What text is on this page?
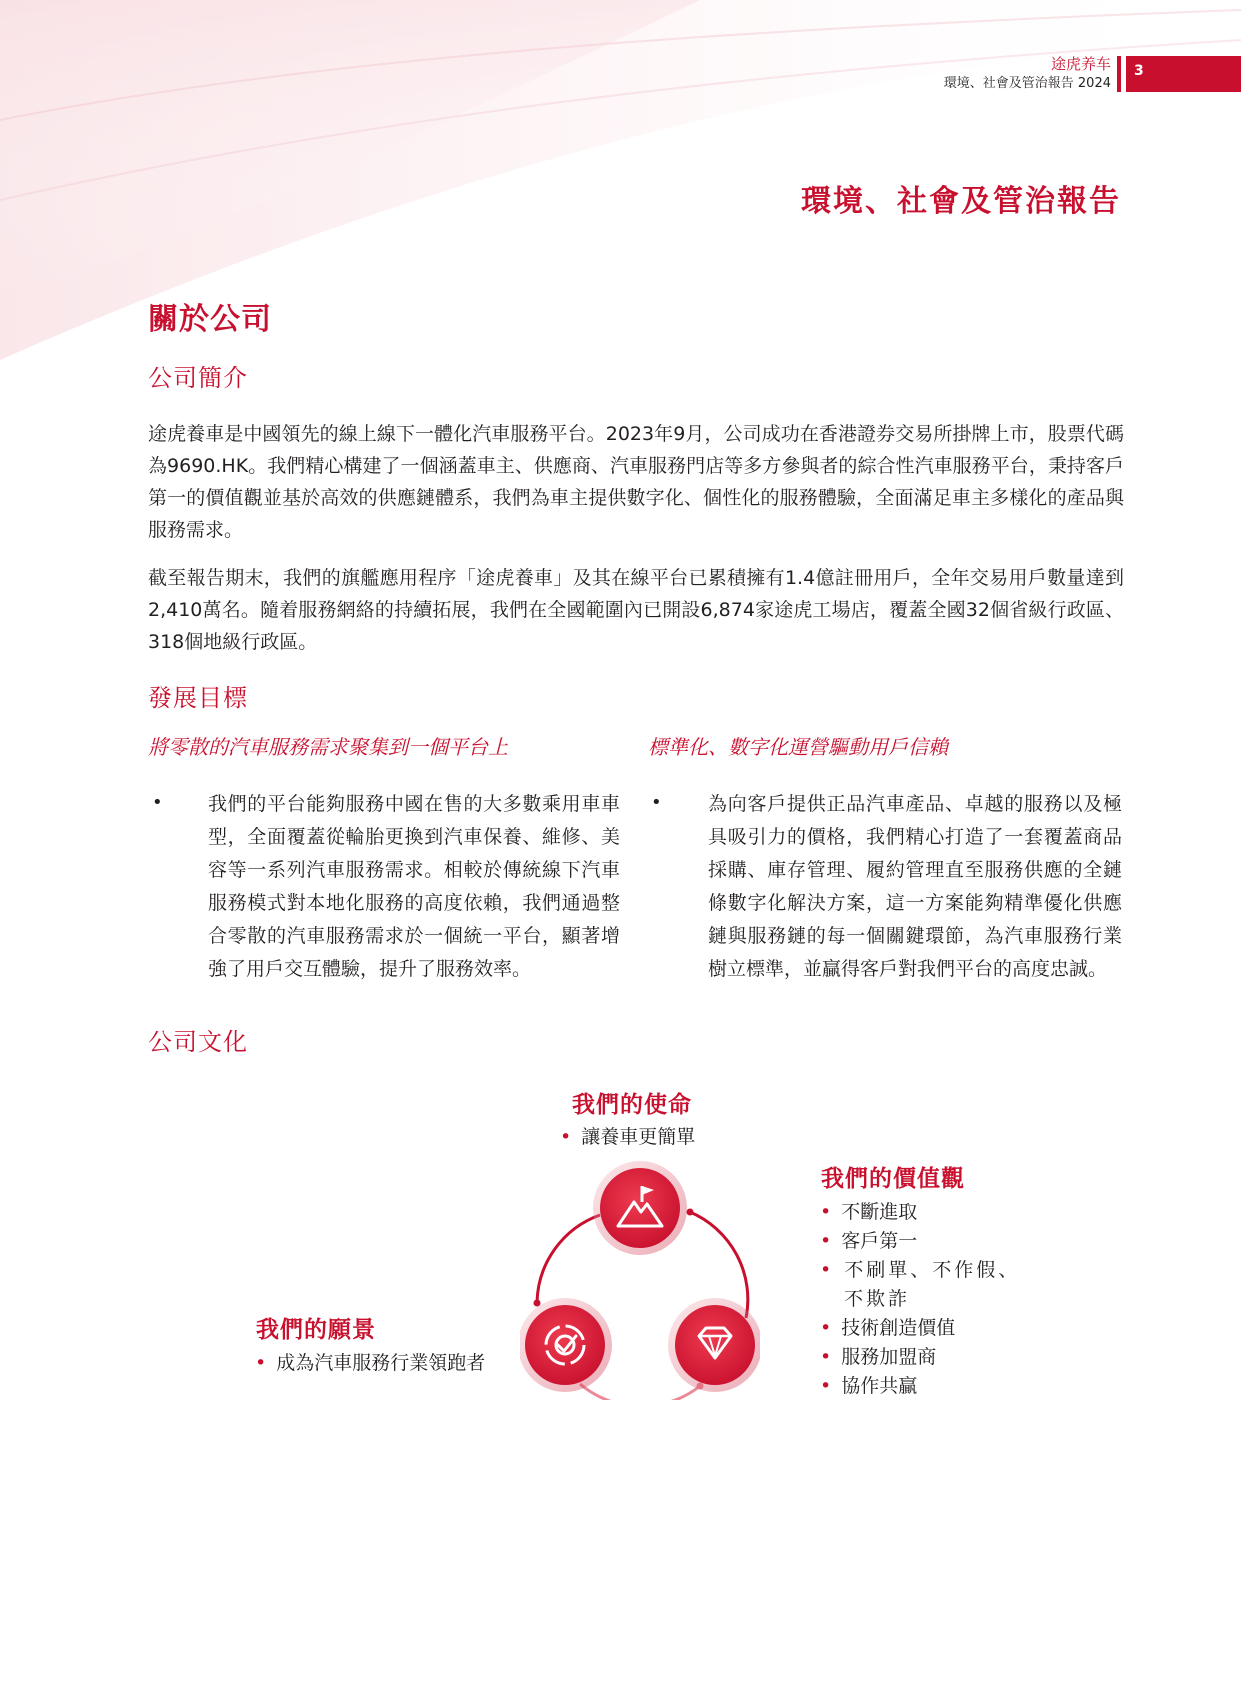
途虎养车
環境、社會及管治報告 2024
3
環境、社會及管治報告
關於公司
公司簡介
途虎養車是中國領先的線上線下一體化汽車服務平台。2023年9月，公司成功在香港證券交易所掛牌上市，股票代碼為9690.HK。我們精心構建了一個涵蓋車主、供應商、汽車服務門店等多方參與者的綜合性汽車服務平台，秉持客戶第一的價值觀並基於高效的供應鏈體系，我們為車主提供數字化、個性化的服務體驗，全面滿足車主多樣化的產品與服務需求。
截至報告期末，我們的旗艦應用程序「途虎養車」及其在線平台已累積擁有1.4億註冊用戶，全年交易用戶數量達到2,410萬名。隨着服務網絡的持續拓展，我們在全國範圍內已開設6,874家途虎工場店，覆蓋全國32個省級行政區、318個地級行政區。
發展目標
將零散的汽車服務需求聚集到一個平台上	標準化、數字化運營驅動用戶信賴
• 我們的平台能夠服務中國在售的大多數乘用車車型，全面覆蓋從輪胎更換到汽車保養、維修、美容等一系列汽車服務需求。相較於傳統線下汽車服務模式對本地化服務的高度依賴，我們通過整合零散的汽車服務需求於一個統一平台，顯著增強了用戶交互體驗，提升了服務效率。
• 為向客戶提供正品汽車產品、卓越的服務以及極具吸引力的價格，我們精心打造了一套覆蓋商品採購、庫存管理、履約管理直至服務供應的全鏈條數字化解決方案，這一方案能夠精準優化供應鏈與服務鏈的每一個關鍵環節，為汽車服務行業樹立標準，並贏得客戶對我們平台的高度忠誠。
公司文化
我們的使命
• 讓養車更簡單
我們的願景
• 成為汽車服務行業領跑者
我們的價值觀
• 不斷進取
• 客戶第一
• 不刷單、不作假、不欺詐
• 技術創造價值
• 服務加盟商
• 協作共贏
